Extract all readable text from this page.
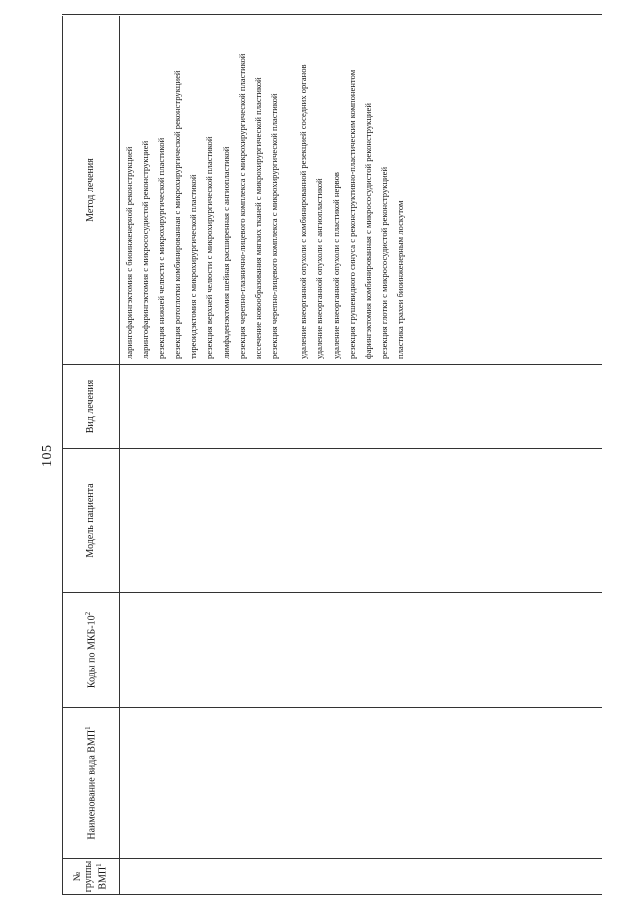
105
№ группы ВМП$^1$
Наименование вида ВМП$^1$
Коды по МКБ-$10^2$
Модель пациента
Вид лечения
Метод лечения	ларингофарингэктомия с биоинженерной реконструкцией ларингофарингэктомия с микрососудистой реконструкцией резекция нижней челюсти с микрохирургической пластикой резекция ротоглотки комбинированная с микрохирургической реконструкцией тиреоидэктомия с микрохирургической пластикой резекция верхней челюсти с микрохирургической пластикой лимфаденэктомия шейная расширенная с ангиопластикой резекция черепно-глазнично-лицевого комплекса с микрохирургической пластикой иссечение новообразования мягких тканей с микрохирургической пластикой резекция черепно-лицевого комплекса с микрохирургической пластикой удаление внеорганной опухоли с комбинированной резекцией соседних органов удаление внеорганной опухоли с ангиопластикой удаление внеорганной опухоли с пластикой нервов резекция грушевидного синуса с реконструктивно-пластическим компонентом фарингэктомия комбинированная с микрососудистой реконструкцией резекция глотки с микрососудистой реконструкцией пластика трахеи биоинженерным лоскутом
